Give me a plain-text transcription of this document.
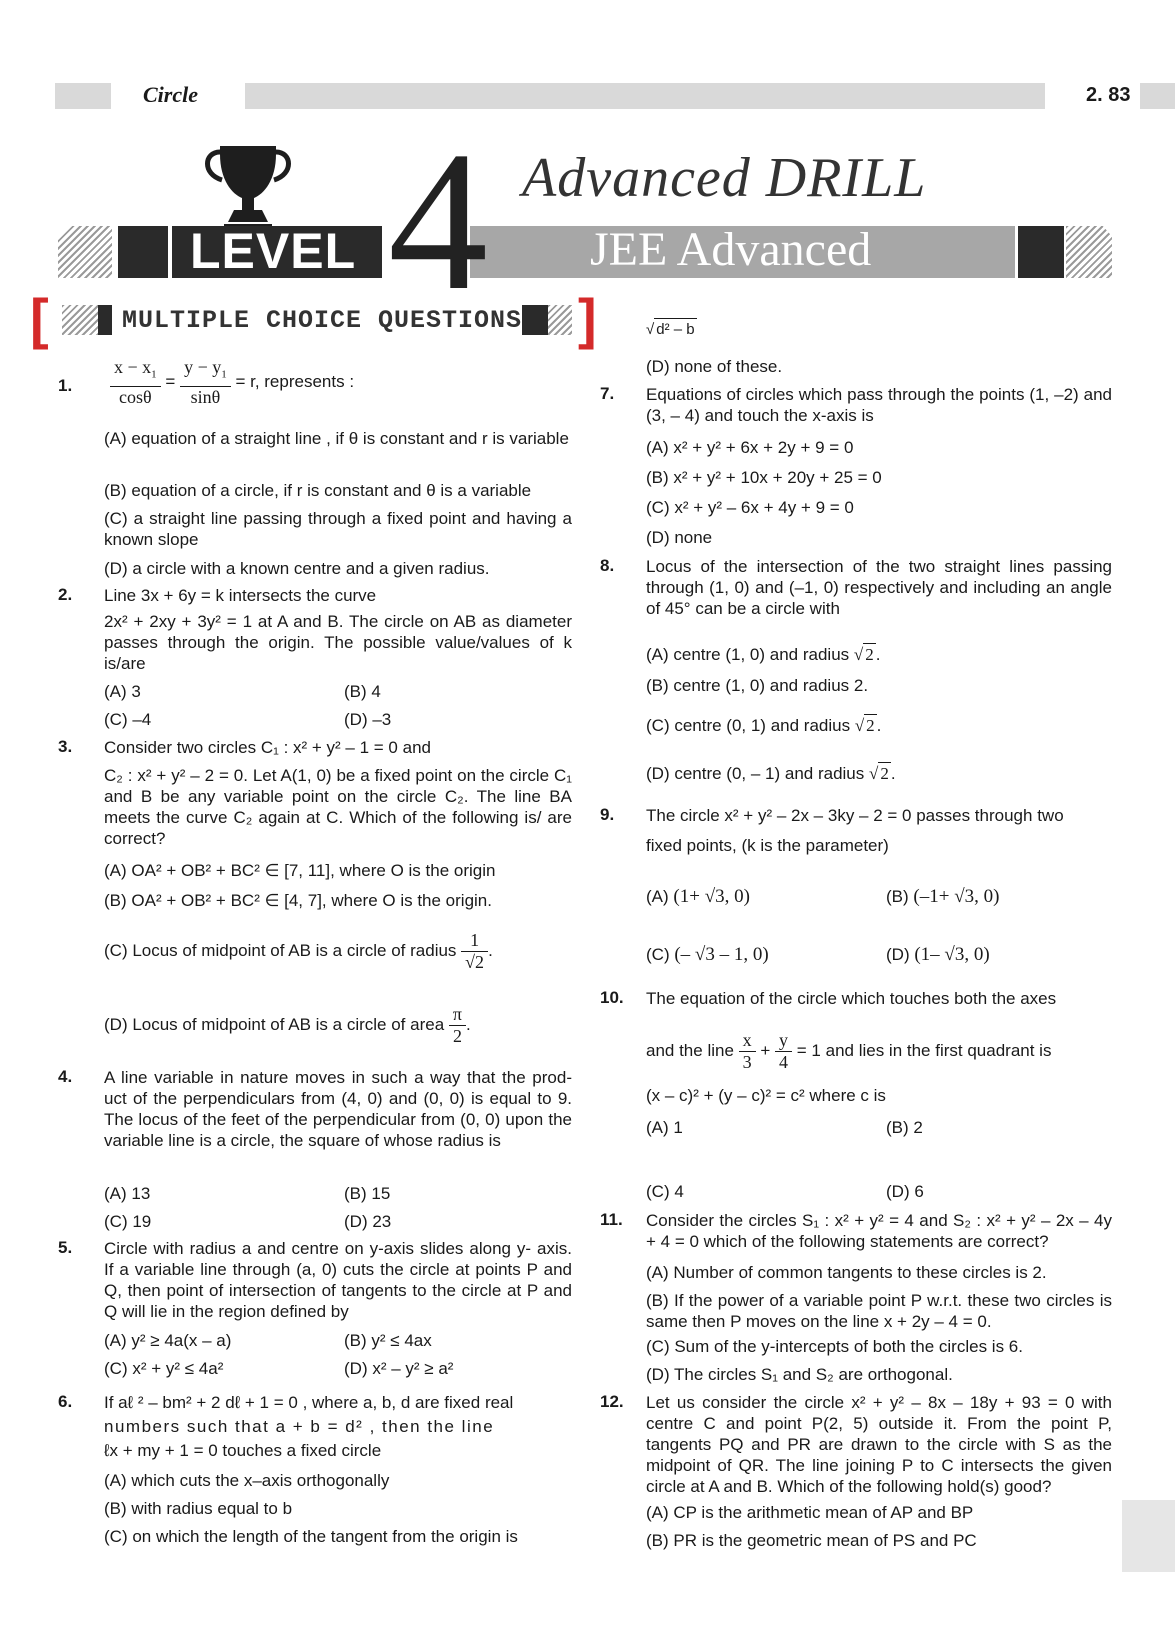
Circle	2. 83
LEVEL	JEE Advanced
4 Advanced DRILL
[	MULTIPLE CHOICE QUESTIONS ]
1. $\frac{x - x_1}{\cos\theta} = \frac{y - y_1}{\sin\theta} = r$, represents :
(A) equation of a straight line , if θ is constant and r is variable
(B) equation of a circle, if r is constant and θ is a variable
(C) a straight line passing through a fixed point and having a known slope
(D) a circle with a known centre and a given radius.
2. Line 3x + 6y = k intersects the curve
2x² + 2xy + 3y² = 1 at A and B. The circle on AB as diameter passes through the origin. The possible value/values of k is/are
(A) 3	(B) 4
(C) –4	(D) –3
3. Consider two circles C₁ : x² + y² – 1 = 0 and
C₂ : x² + y² – 2 = 0. Let A(1, 0) be a fixed point on the circle C₁ and B be any variable point on the circle C₂. The line BA meets the curve C₂ again at C. Which of the following is/ are correct?
(A) OA² + OB² + BC² ∈ [7, 11], where O is the origin
(B) OA² + OB² + BC² ∈ [4, 7], where O is the origin.
(C) Locus of midpoint of AB is a circle of radius $\frac{1}{√2}$ .
(D) Locus of midpoint of AB is a circle of area $\frac{\pi}{2}$ .
4. A line variable in nature moves in such a way that the prod- uct of the perpendiculars from (4, 0) and (0, 0) is equal to 9. The locus of the feet of the perpendicular from (0, 0) upon the variable line is a circle, the square of whose radius is
(A) 13	(B) 15
(C) 19	(D) 23
5. Circle with radius a and centre on y-axis slides along y- axis. If a variable line through (a, 0) cuts the circle at points P and Q, then point of intersection of tangents to the circle at P and Q will lie in the region defined by
(A) y² ≥ 4a(x – a)	(B) y² ≤ 4ax
(C) x² + y² ≤ 4a²	(D) x² – y² ≥ a²
6. If aℓ ² – bm² + 2 dℓ + 1 = 0 , where a, b, d are fixed real
numbers such that a + b = d² , then the line
ℓx + my + 1 = 0 touches a fixed circle
(A) which cuts the x–axis orthogonally
(B) with radius equal to b
(C) on which the length of the tangent from the origin is
√ d² – b
(D) none of these.
7. Equations of circles which pass through the points (1, –2) and (3, – 4) and touch the x-axis is
(A) x² + y² + 6x + 2y + 9 = 0
(B) x² + y² + 10x + 20y + 25 = 0
(C) x² + y² – 6x + 4y + 9 = 0
(D) none
8. Locus of the intersection of the two straight lines passing through (1, 0) and (–1, 0) respectively and including an angle of 45° can be a circle with
(A) centre (1, 0) and radius √ 2 .
(B) centre (1, 0) and radius 2.
(C) centre (0, 1) and radius √ 2 .
(D) centre (0, – 1) and radius √ 2 .
9. The circle x² + y² – 2x – 3ky – 2 = 0 passes through two
fixed points, (k is the parameter)
(A) (1+ √3, 0)	(B) (–1+ √3, 0)
(C) (– √3 – 1, 0)	(D) (1– √3, 0)
10. The equation of the circle which touches both the axes
and the line $\frac{x}{3} + \frac{y}{4} = 1$ and lies in the first quadrant is
(x – c)² + (y – c)² = c² where c is
(A) 1	(B) 2
(C) 4	(D) 6
11. Consider the circles S₁ : x² + y² = 4 and S₂ : x² + y² – 2x – 4y + 4 = 0 which of the following statements are correct?
(A) Number of common tangents to these circles is 2.
(B) If the power of a variable point P w.r.t. these two circles is same then P moves on the line x + 2y – 4 = 0.
(C) Sum of the y-intercepts of both the circles is 6.
(D) The circles S₁ and S₂ are orthogonal.
12. Let us consider the circle x² + y² – 8x – 18y + 93 = 0 with centre C and point P(2, 5) outside it. From the point P, tangents PQ and PR are drawn to the circle with S as the midpoint of QR. The line joining P to C intersects the given circle at A and B. Which of the following hold(s) good?
(A) CP is the arithmetic mean of AP and BP
(B) PR is the geometric mean of PS and PC
